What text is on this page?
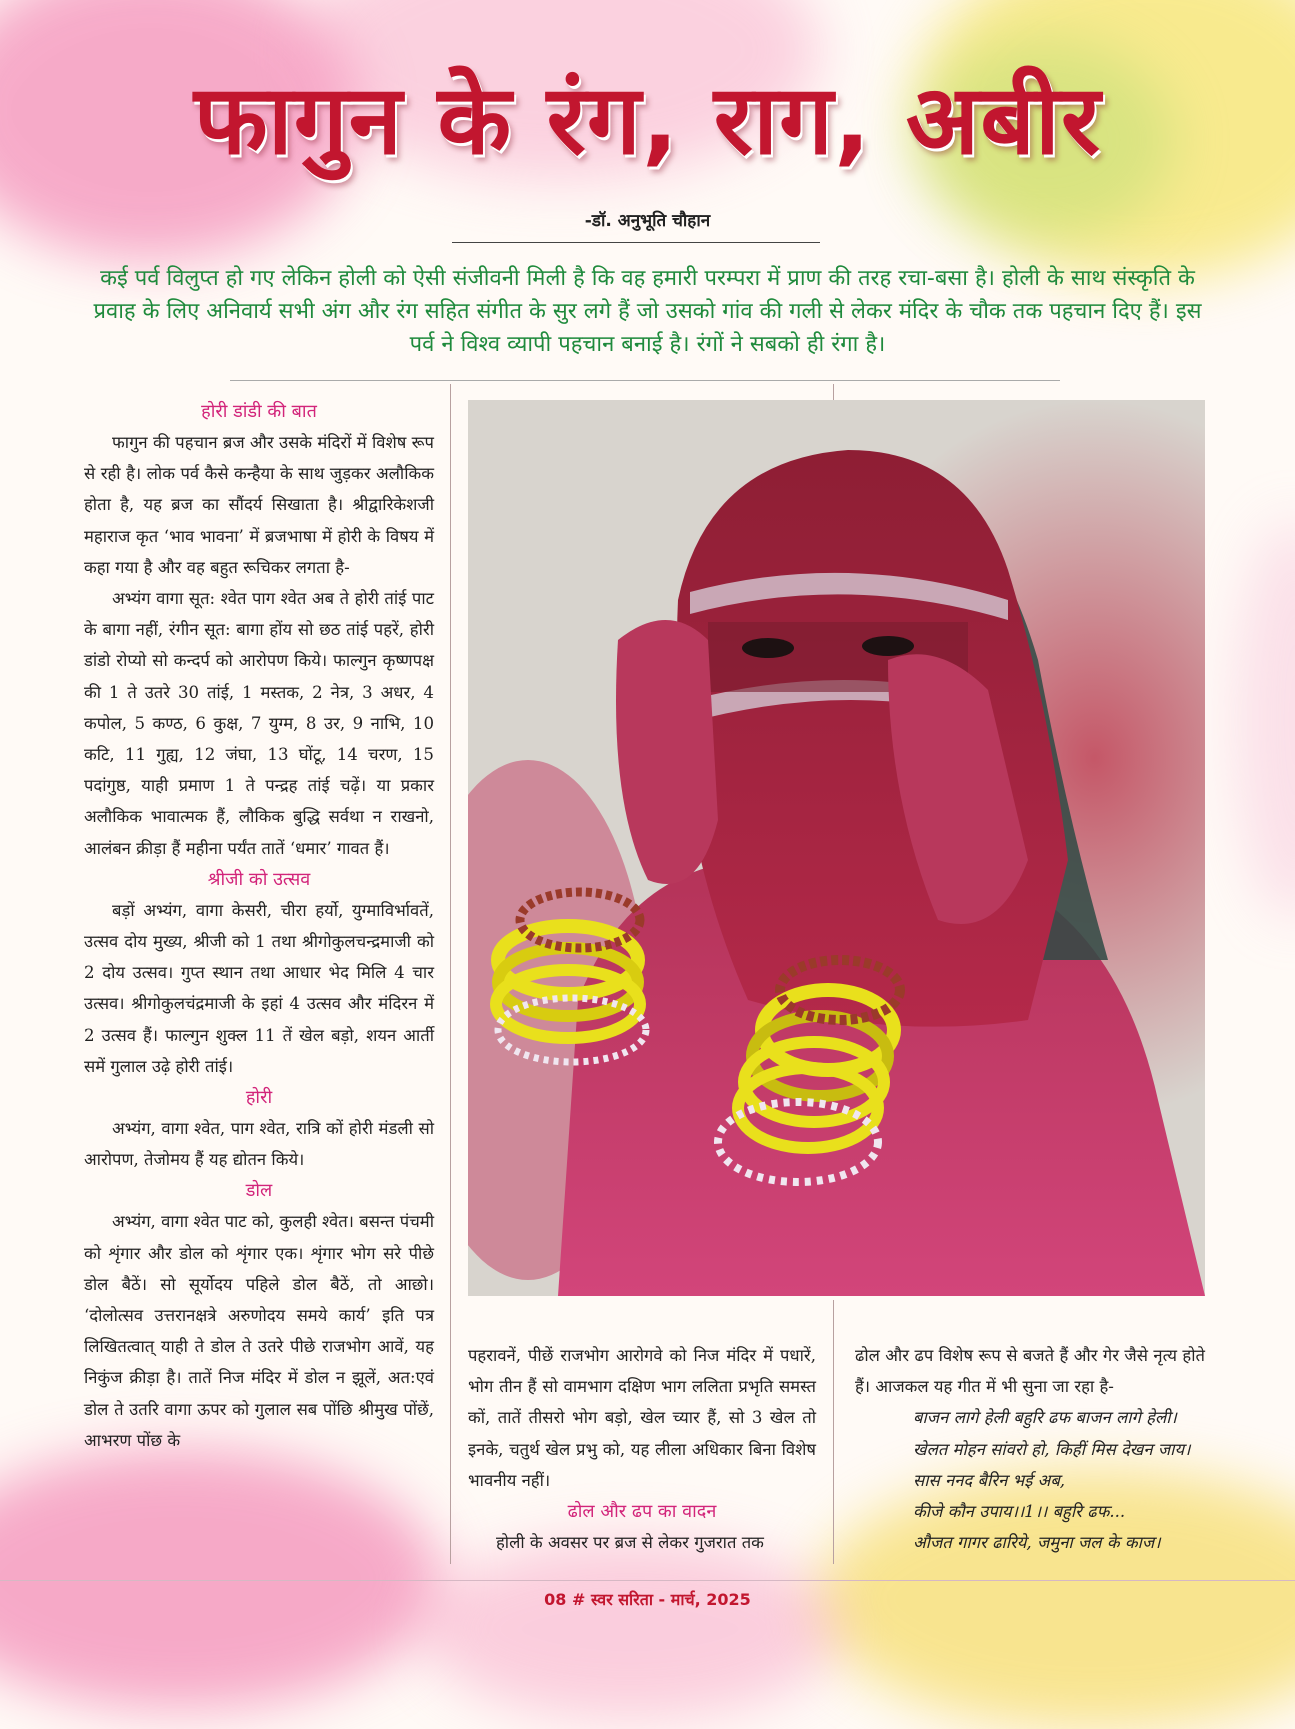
फागुन के रंग, राग, अबीर
-डॉ. अनुभूति चौहान
कई पर्व विलुप्त हो गए लेकिन होली को ऐसी संजीवनी मिली है कि वह हमारी परम्परा में प्राण की तरह रचा-बसा है। होली के साथ संस्कृति के प्रवाह के लिए अनिवार्य सभी अंग और रंग सहित संगीत के सुर लगे हैं जो उसको गांव की गली से लेकर मंदिर के चौक तक पहचान दिए हैं। इस पर्व ने विश्व व्यापी पहचान बनाई है। रंगों ने सबको ही रंगा है।
होरी डांडी की बात

फागुन की पहचान ब्रज और उसके मंदिरों में विशेष रूप से रही है। लोक पर्व कैसे कन्हैया के साथ जुड़कर अलौकिक होता है, यह ब्रज का सौंदर्य सिखाता है। श्रीद्वारिकेशजी महाराज कृत ‘भाव भावना’ में ब्रजभाषा में होरी के विषय में कहा गया है और वह बहुत रूचिकर लगता है-

अभ्यंग वागा सूत: श्वेत पाग श्वेत अब ते होरी तांई पाट के बागा नहीं, रंगीन सूत: बागा होंय सो छठ तांई पहरें, होरी डांडो रोप्यो सो कन्दर्प को आरोपण किये। फाल्गुन कृष्णपक्ष की 1 ते उतरे 30 तांई, 1 मस्तक, 2 नेत्र, 3 अधर, 4 कपोल, 5 कण्ठ, 6 कुक्ष, 7 युग्म, 8 उर, 9 नाभि, 10 कटि, 11 गुह्य, 12 जंघा, 13 घोंटू, 14 चरण, 15 पदांगुष्ठ, याही प्रमाण 1 ते पन्द्रह तांई चढ़ें। या प्रकार अलौकिक भावात्मक हैं, लौकिक बुद्धि सर्वथा न राखनो, आलंबन क्रीड़ा हैं महीना पर्यंत तातें ‘धमार’ गावत हैं।

श्रीजी को उत्सव

बड़ों अभ्यंग, वागा केसरी, चीरा हर्यो, युग्माविर्भावतें, उत्सव दोय मुख्य, श्रीजी को 1 तथा श्रीगोकुलचन्द्रमाजी को 2 दोय उत्सव। गुप्त स्थान तथा आधार भेद मिलि 4 चार उत्सव। श्रीगोकुलचंद्रमाजी के इहां 4 उत्सव और मंदिरन में 2 उत्सव हैं। फाल्गुन शुक्ल 11 तें खेल बड़ो, शयन आर्ती समें गुलाल उढ़े होरी तांई।

होरी

अभ्यंग, वागा श्वेत, पाग श्वेत, रात्रि कों होरी मंडली सो आरोपण, तेजोमय हैं यह द्योतन किये।

डोल

अभ्यंग, वागा श्वेत पाट को, कुलही श्वेत। बसन्त पंचमी को शृंगार और डोल को शृंगार एक। शृंगार भोग सरे पीछे डोल बैठें। सो सूर्योदय पहिले डोल बैठें, तो आछो। ‘दोलोत्सव उत्तरानक्षत्रे अरुणोदय समये कार्य’ इति पत्र लिखितत्वात् याही ते डोल ते उतरे पीछे राजभोग आवें, यह निकुंज क्रीड़ा है। तातें निज मंदिर में डोल न झूलें, अत:एवं डोल ते उतरि वागा ऊपर को गुलाल सब पोंछि श्रीमुख पोंछें, आभरण पोंछ के

पहरावनें, पीछें राजभोग आरोगवे को निज मंदिर में पधारें, भोग तीन हैं सो वामभाग दक्षिण भाग ललिता प्रभृति समस्त कों, तातें तीसरो भोग बड़ो, खेल च्यार हैं, सो 3 खेल तो इनके, चतुर्थ खेल प्रभु को, यह लीला अधिकार बिना विशेष भावनीय नहीं।

ढोल और ढप का वादन

होली के अवसर पर ब्रज से लेकर गुजरात तक

ढोल और ढप विशेष रूप से बजते हैं और गेर जैसे नृत्य होते हैं। आजकल यह गीत में भी सुना जा रहा है-

बाजन लागे हेली बहुरि ढफ बाजन लागे हेली।

खेलत मोहन सांवरो हो, किहीं मिस देखन जाय।

सास ननद बैरिन भई अब,

कीजे कौन उपाय।।1।। बहुरि ढफ...

औजत गागर ढारिये, जमुना जल के काज।

08 # स्वर सरिता - मार्च, 2025
